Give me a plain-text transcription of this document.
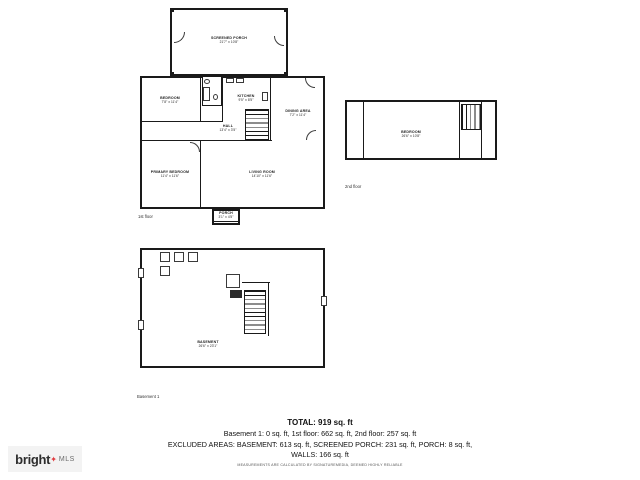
SCREENED PORCH
21'7" x 10'8"
BEDROOM
7'8" x 11'4"
KITCHEN
9'5" x 8'5"
DINING AREA
7'2" x 11'4"
HALL
13'4" x 3'5"
PRIMARY BEDROOM
11'4" x 11'6"
LIVING ROOM
14'10" x 11'6"
PORCH
3'1" x 4'5"
1st floor
BEDROOM
26'6" x 10'8"
2nd floor
BASEMENT
26'6" x 23'1"
Basement 1
TOTAL: 919 sq. ft
Basement 1: 0 sq. ft, 1st floor: 662 sq. ft, 2nd floor: 257 sq. ft
EXCLUDED AREAS: BASEMENT: 613 sq. ft, SCREENED PORCH: 231 sq. ft, PORCH: 8 sq. ft,
WALLS: 166 sq. ft
MEASUREMENTS ARE CALCULATED BY SIGNATUREMEDIA, DEEMED HIGHLY RELIABLE
bright ✦ MLS
